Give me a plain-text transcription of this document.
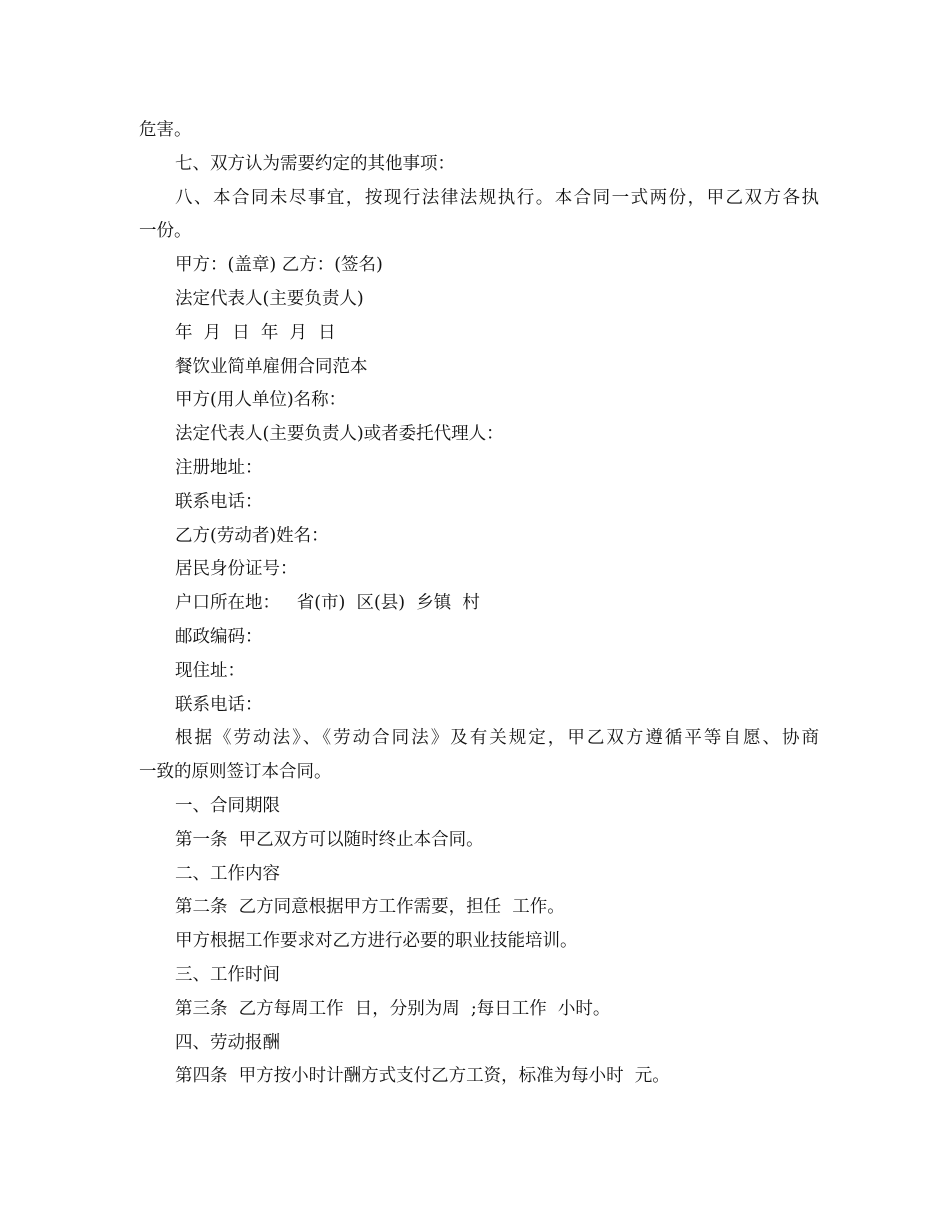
危害。
七、双方认为需要约定的其他事项：
八、本合同未尽事宜，按现行法律法规执行。本合同一式两份，甲乙双方各执
一份。
甲方：(盖章) 乙方：(签名)
法定代表人(主要负责人)
年  月  日  年  月  日
餐饮业简单雇佣合同范本
甲方(用人单位)名称：
法定代表人(主要负责人)或者委托代理人：
注册地址：
联系电话：
乙方(劳动者)姓名：
居民身份证号：
户口所在地：   省(市)  区(县)  乡镇  村
邮政编码：
现住址：
联系电话：
根据《劳动法》、《劳动合同法》及有关规定，甲乙双方遵循平等自愿、协商
一致的原则签订本合同。
一、合同期限
第一条  甲乙双方可以随时终止本合同。
二、工作内容
第二条  乙方同意根据甲方工作需要，担任  工作。
甲方根据工作要求对乙方进行必要的职业技能培训。
三、工作时间
第三条  乙方每周工作  日，分别为周  ;每日工作  小时。
四、劳动报酬
第四条  甲方按小时计酬方式支付乙方工资，标准为每小时  元。
